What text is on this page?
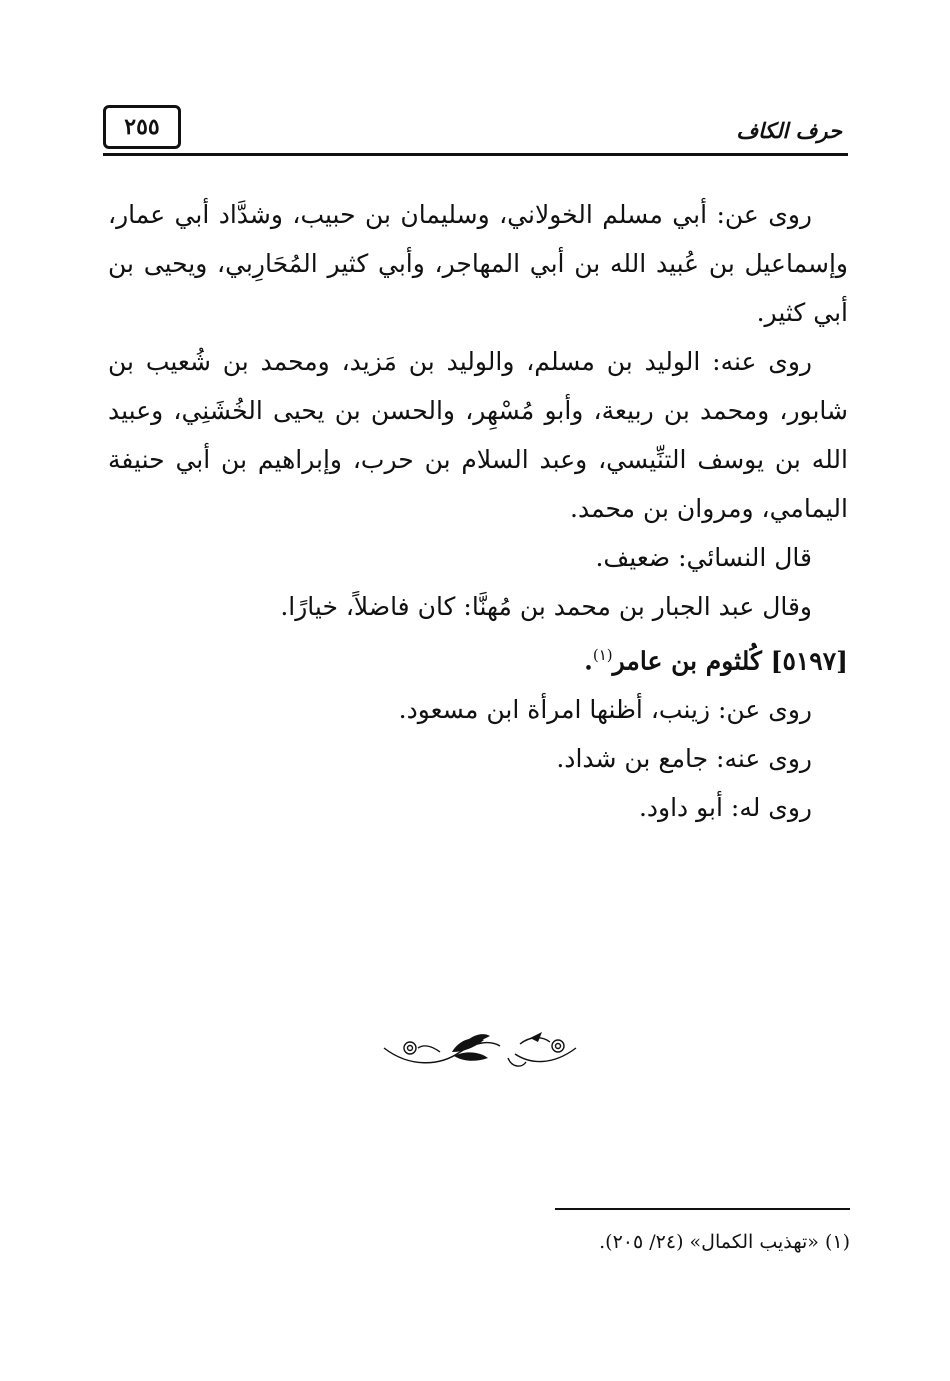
٢٥٥	حرف الكاف

روى عن: أبي مسلم الخولاني، وسليمان بن حبيب، وشدَّاد أبي عمار، وإسماعيل بن عُبيد الله بن أبي المهاجر، وأبي كثير المُحَارِبي، ويحيى بن أبي كثير.

روى عنه: الوليد بن مسلم، والوليد بن مَزيد، ومحمد بن شُعيب بن شابور، ومحمد بن ربيعة، وأبو مُسْهِر، والحسن بن يحيى الخُشَنِي، وعبيد الله بن يوسف التنِّيسي، وعبد السلام بن حرب، وإبراهيم بن أبي حنيفة اليمامي، ومروان بن محمد.

قال النسائي: ضعيف.

وقال عبد الجبار بن محمد بن مُهنَّا: كان فاضلاً، خيارًا.

[٥١٩٧] كُلثوم بن عامر$^{(١)}$.

روى عن: زينب، أظنها امرأة ابن مسعود.

روى عنه: جامع بن شداد.

روى له: أبو داود.

(١) «تهذيب الكمال» (٢٤/ ٢٠٥).
